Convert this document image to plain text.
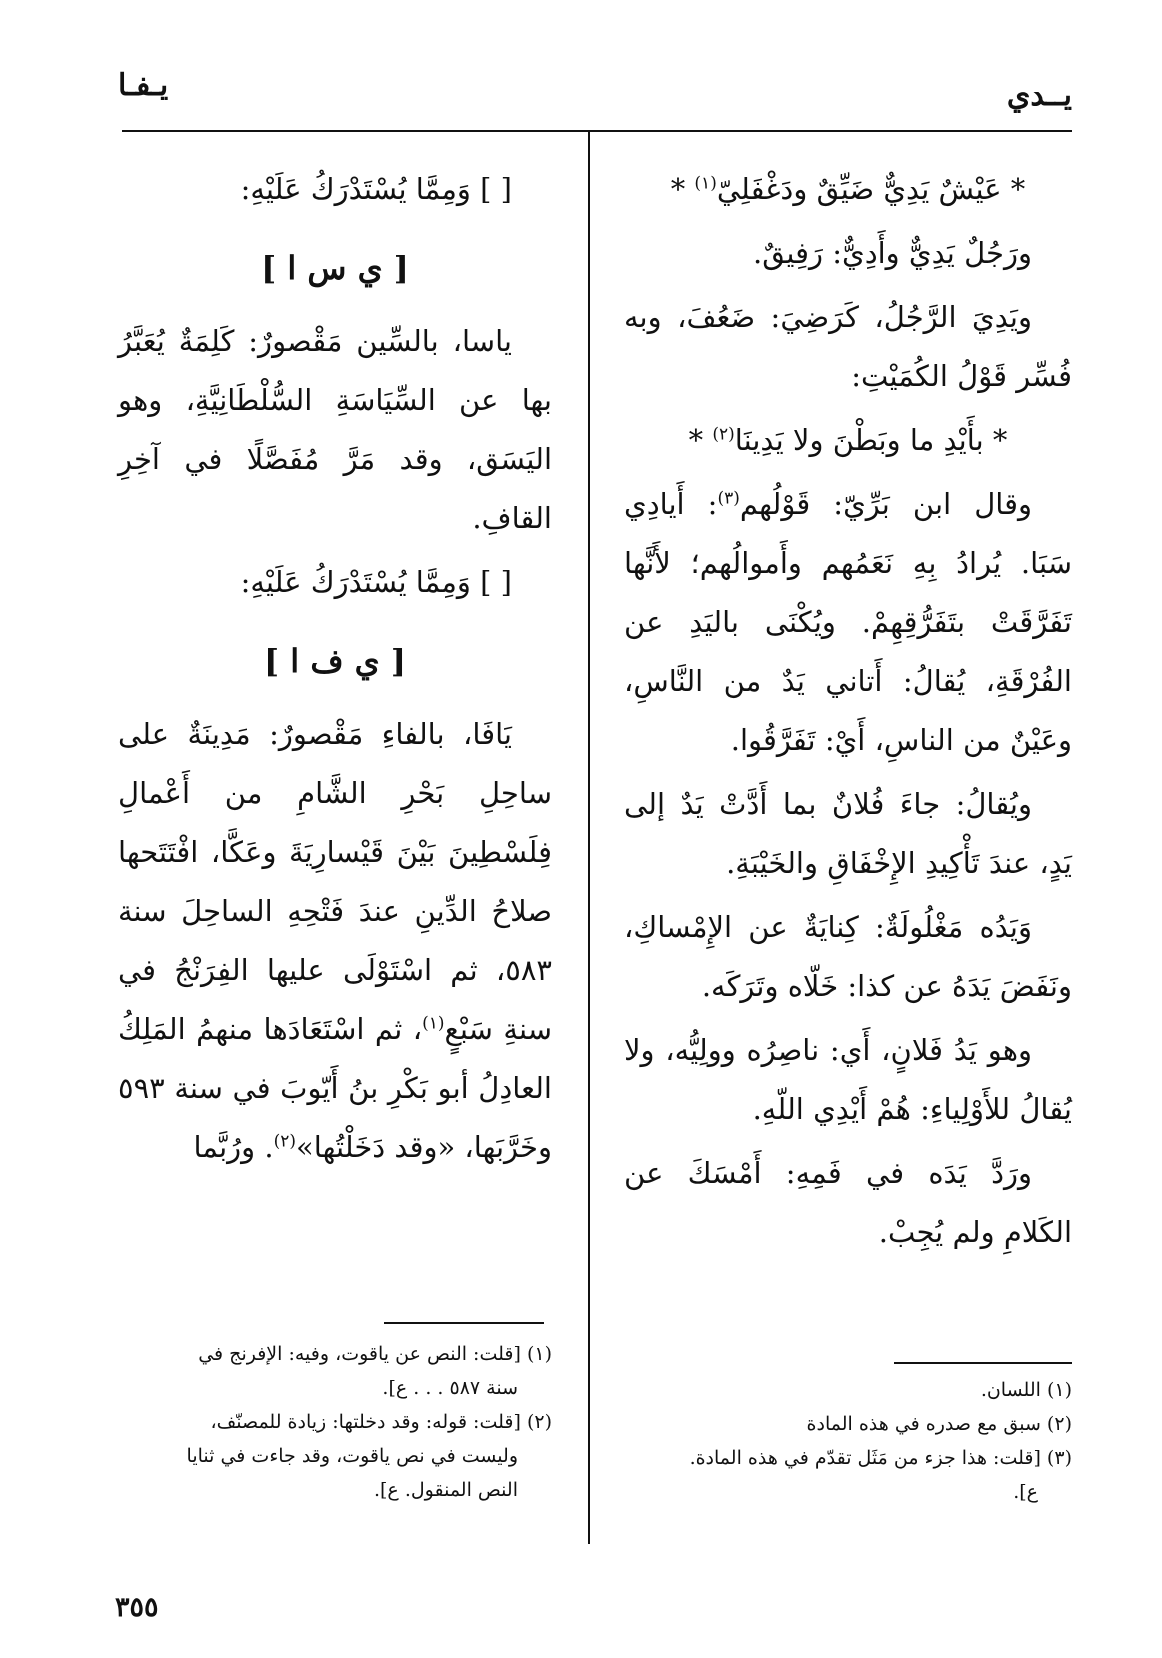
يــدي
يـفـا

* عَيْشٌ يَدِيٌّ ضَيِّقٌ ودَغْفَلِيّ$^{(١)}$ *

ورَجُلٌ يَدِيٌّ وأَدِيٌّ: رَفِيقٌ.

ويَدِيَ الرَّجُلُ، كَرَضِيَ: ضَعُفَ، وبه فُسِّر قَوْلُ الكُمَيْتِ:

* بأَيْدِ ما وبَطْنَ ولا يَدِينَا$^{(٢)}$ *

وقال ابن بَرِّيّ: قَوْلُهم$^{(٣)}$: أَيادِي سَبَا. يُرادُ بِهِ نَعَمُهم وأَموالُهم؛ لأَنَّها تَفَرَّقَتْ بتَفَرُّقِهِمْ. ويُكْنَى باليَدِ عن الفُرْقَةِ، يُقالُ: أَتاني يَدٌ من النَّاسِ، وعَيْنٌ من الناسِ، أَيْ: تَفَرَّقُوا.

ويُقالُ: جاءَ فُلانٌ بما أَدَّتْ يَدٌ إلى يَدٍ، عندَ تَأْكِيدِ الإِخْفَاقِ والخَيْبَةِ.

وَيَدُه مَغْلُولَةٌ: كِنايَةٌ عن الإِمْساكِ، ونَفَضَ يَدَهُ عن كذا: خَلّاه وتَرَكَه.

وهو يَدُ فَلانٍ، أَي: ناصِرُه وولِيُّه، ولا يُقالُ للأَوْلِياءِ: هُمْ أَيْدِي اللّهِ.

ورَدَّ يَدَه في فَمِهِ: أَمْسَكَ عن الكَلامِ ولم يُجِبْ.

[ ] وَمِمَّا يُسْتَدْرَكُ عَلَيْهِ:

[ ي س ا ]

ياسا، بالسِّين مَقْصورٌ: كَلِمَةٌ يُعَبَّرُ بها عن السِّيَاسَةِ السُّلْطَانِيَّةِ، وهو اليَسَق، وقد مَرَّ مُفَصَّلًا في آخِرِ القافِ.

[ ] وَمِمَّا يُسْتَدْرَكُ عَلَيْهِ:

[ ي ف ا ]

يَافَا، بالفاءِ مَقْصورٌ: مَدِينَةٌ على ساحِلِ بَحْرِ الشَّامِ من أَعْمالِ فِلَسْطِينَ بَيْنَ قَيْسارِيَةَ وعَكَّا، افْتَتَحها صلاحُ الدِّينِ عندَ فَتْحِهِ الساحِلَ سنة ٥٨٣، ثم اسْتَوْلَى عليها الفِرَنْجُ في سنةِ سَبْعٍ$^{(١)}$، ثم اسْتَعَادَها منهمُ المَلِكُ العادِلُ أبو بَكْرِ بنُ أَيّوبَ في سنة ٥٩٣ وخَرَّبَها، «وقد دَخَلْتُها»$^{(٢)}$. ورُبَّما

(١) اللسان.

(٢) سبق مع صدره في هذه المادة

(٣) [قلت: هذا جزء من مَثَل تقدّم في هذه المادة.

ع].

(١) [قلت: النص عن ياقوت، وفيه: الإفرنج في

سنة ٥٨٧ . . . ع].

(٢) [قلت: قوله: وقد دخلتها: زيادة للمصنّف،

وليست في نص ياقوت، وقد جاءت في ثنايا

النص المنقول. ع].

٣٥٥
